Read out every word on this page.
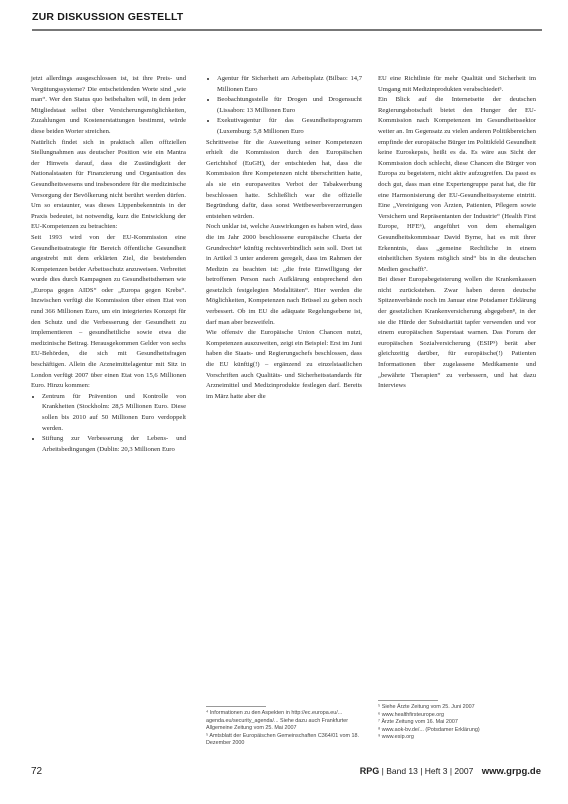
ZUR DISKUSSION GESTELLT

jetzt allerdings ausgeschlossen ist, ist ihre Preis- und Vergütungssysteme? Die entscheidenden Worte sind „wie man“. Wer den Status quo beibehalten will, in dem jeder Mitgliedstaat selbst über Versicherungsmöglichkeiten, Zuzahlungen und Kostenerstattungen bestimmt, würde diese beiden Worter streichen.

Natürlich findet sich in praktisch allen offiziellen Stellungnahmen aus deutscher Position wie ein Mantra der Hinweis darauf, dass die Zuständigkeit der Nationalstaaten für Finanzierung und Organisation des Gesundheitswesens und insbesondere für die medizinische Versorgung der Bevölkerung nicht berührt werden dürfen. Um so erstaunter, was dieses Lippenbekenntnis in der Praxis bedeutet, ist notwendig, kurz die Entwicklung der EU-Kompetenzen zu betrachten:

Seit 1993 wird von der EU-Kommission eine Gesundheitsstrategie für Bereich öffentliche Gesundheit angestrebt mit dem erklärten Ziel, die bestehenden Kompetenzen beider Arbeitsschutz anzuweisen. Verbreitet wurde dies durch Kampagnen zu Gesundheitsthemen wie „Europa gegen AIDS“ oder „Europa gegen Krebs“. Inzwischen verfügt die Kommission über einen Etat von rund 366 Millionen Euro, um ein integriertes Konzept für den Schutz und die Verbesserung der Gesundheit zu implementieren – gesundheitliche sowie etwa die medizinische Beitrag. Herausgekommen Gelder von sechs EU-Behörden, die sich mit Gesundheitsfragen beschäftigen. Allein die Arzneimittelagentur mit Sitz in London verfügt 2007 über einen Etat von 15,6 Millionen Euro. Hinzu kommen:

• Zentrum für Prävention und Kontrolle von Krankheiten (Stockholm: 28,5 Millionen Euro. Diese sollen bis 2010 auf 50 Millionen Euro verdoppelt werden.
• Stiftung zur Verbesserung der Lebens- und Arbeitsbedingungen (Dublin: 20,3 Millionen Euro
• Agentur für Sicherheit am Arbeitsplatz (Bilbao: 14,7 Millionen Euro
• Beobachtungsstelle für Drogen und Drogensucht (Lissabon: 13 Millionen Euro
• Exekutivagentur für das Gesundheitsprogramm (Luxemburg: 5,8 Millionen Euro

Schrittweise für die Ausweitung seiner Kompetenzen erhielt die Kommission durch den Europäischen Gerichtshof (EuGH), der entschieden hat, dass die Kommission ihre Kompetenzen nicht überschritten hatte, als sie ein europaweites Verbot der Tabakwerbung beschlossen hatte. Schließlich war die offizielle Begründung dafür, dass sonst Wettbewerbsverzerrungen entstehen würden.

Noch unklar ist, welche Auswirkungen es haben wird, dass die im Jahr 2000 beschlossene europäische Charta der Grundrechte⁴ künftig rechtsverbindlich sein soll. Dort ist in Artikel 3 unter anderem geregelt, dass im Rahmen der Medizin zu beachten ist: „die freie Einwilligung der betroffenen Person nach Aufklärung entsprechend den gesetzlich festgelegten Modalitäten“. Hier werden die Möglichkeiten, Kompetenzen nach Brüssel zu geben noch verbessert. Ob im EU die adäquate Regelungsebene ist, darf man aber bezweifeln.

Wie offensiv die Europäische Union Chancen nutzt, Kompetenzen auszuweiten, zeigt ein Beispiel: Erst im Juni haben die Staats- und Regierungschefs beschlossen, dass die EU künftig(!) – ergänzend zu einzelstaatlichen Vorschriften auch Qualitäts- und Sicherheitsstandards für Arzneimittel und Medizinprodukte festlegen darf. Bereits im März hatte aber die

EU eine Richtlinie für mehr Qualität und Sicherheit im Umgang mit Medizinprodukten verabschiedet⁵.

Ein Blick auf die Internetseite der deutschen Regierungsbotschaft bietet den Hunger der EU-Kommission nach Kompetenzen im Gesundheitssektor weiter an. Im Gegensatz zu vielen anderen Politikbereichen empfinde der europäische Bürger im Politikfeld Gesundheit keine Euroskepsis, heißt es da. Es wäre aus Sicht der Kommission doch schlecht, diese Chancen die Bürger von Europa zu begeistern, nicht aktiv aufzugreifen. Da passt es doch gut, dass man eine Expertengruppe parat hat, die für eine Harmonisierung der EU-Gesundheitssysteme eintritt. Eine „Vereinigung von Ärzten, Patienten, Pflegern sowie Versichern und Repräsentanten der Industrie“ (Health First Europe, HFE⁶), angeführt von dem ehemaligen Gesundheitskommissar David Byrne, hat es mit ihrer Erkenntnis, dass „gemeine Rechtliche in einem einheitlichen System möglich sind“ bis in die deutschen Medien geschafft⁷.

Bei dieser Europabegeisterung wollen die Krankenkassen nicht zurückstehen. Zwar haben deren deutsche Spitzenverbände noch im Januar eine Potsdamer Erklärung der gesetzlichen Krankenversicherung abgegeben⁸, in der sie die Hürde der Subsidiarität tapfer verwenden und vor einem europäischen Superstaat warnen. Das Forum der europäischen Sozialversicherung (ESIP⁹) berät aber gleichzeitig darüber, für europäische(!) Patienten Informationen über zugelassene Medikamente und „bewährte Therapien“ zu verbessern, und hat dazu Interviews

⁴ Informationen zu den Aspekten in http://ec.europa.eu/... agenda.eu/security_agenda/... Siehe dazu auch Frankfurter Allgemeine Zeitung vom 25. Mai 2007

⁵ Amtsblatt der Europäischen Gemeinschaften C364/01 vom 18. Dezember 2000

⁵ Siehe Ärzte Zeitung vom 25. Juni 2007

⁶ www.healthfirsteurope.org

⁷ Ärzte Zeitung vom 16. Mai 2007

⁸ www.aok-bv.de/... (Potsdamer Erklärung)

⁹ www.esip.org

72	RPG | Band 13 | Heft 3 | 2007 www.grpg.de
